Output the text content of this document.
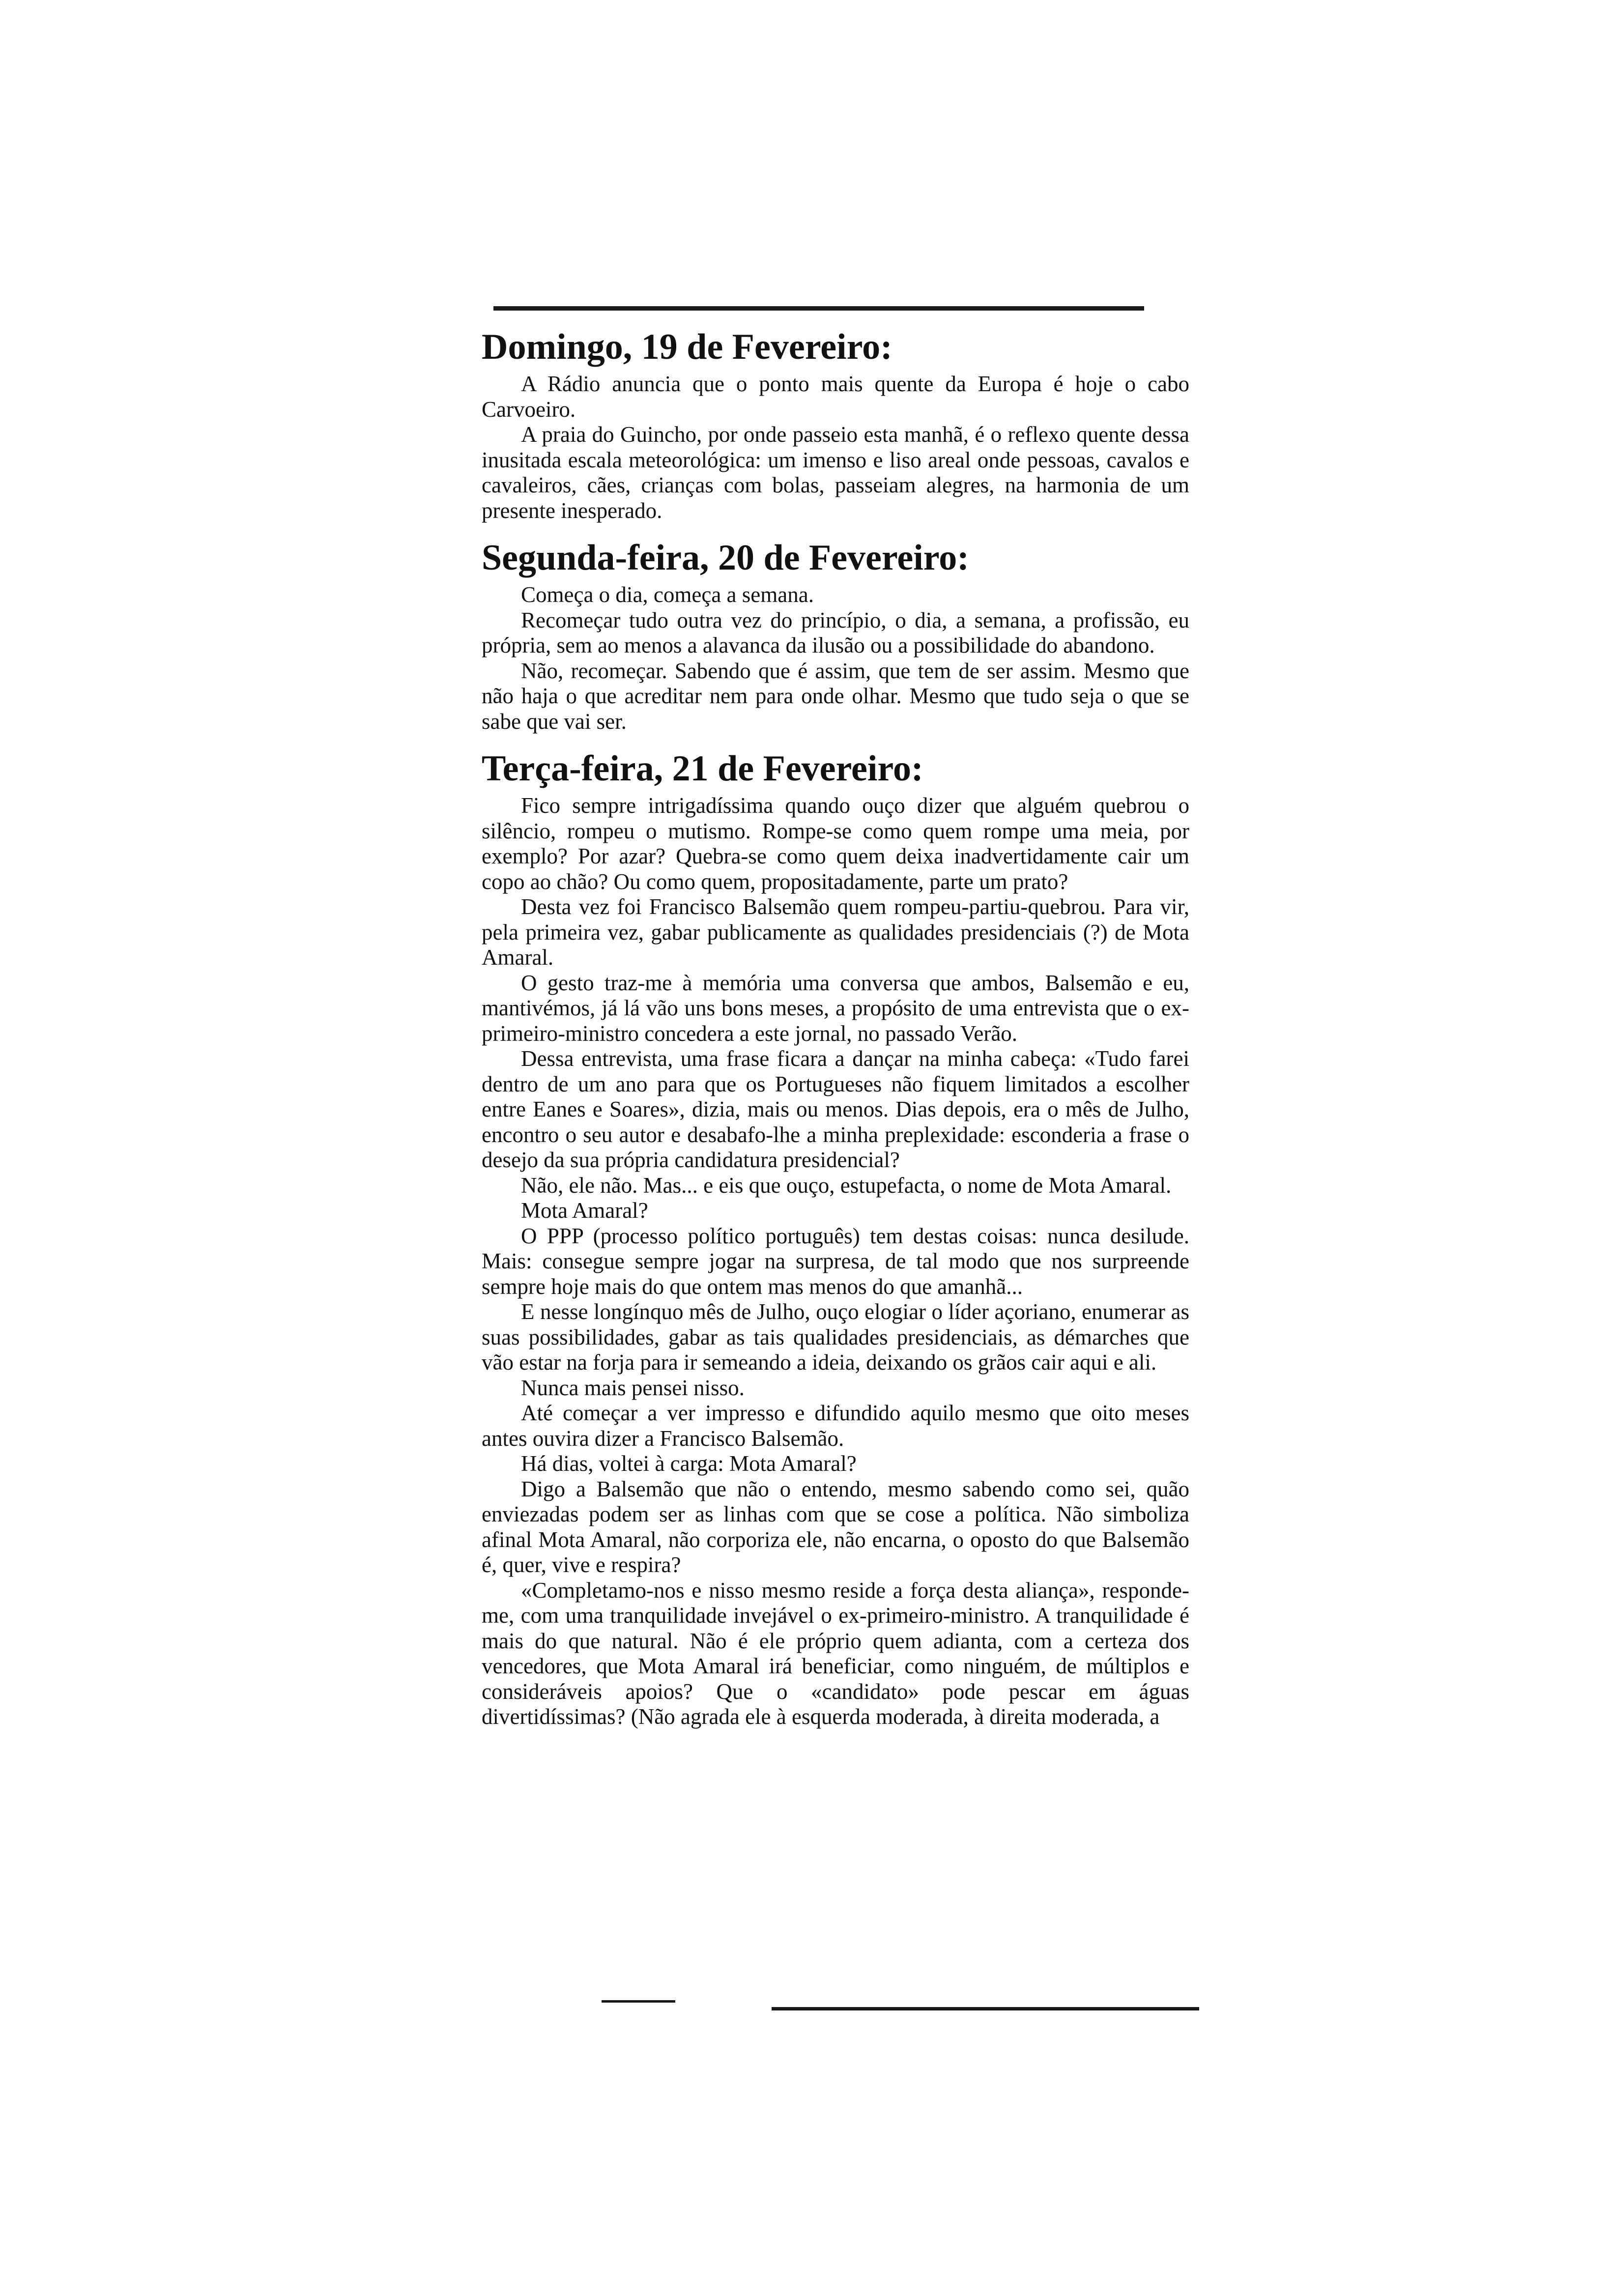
Domingo, 19 de Fevereiro:

A Rádio anuncia que o ponto mais quente da Europa é hoje o cabo Carvoeiro.

A praia do Guincho, por onde passeio esta manhã, é o reflexo quente dessa inusitada escala meteorológica: um imenso e liso areal onde pessoas, cavalos e cavaleiros, cães, crianças com bolas, passeiam alegres, na harmonia de um presente inesperado.

Segunda-feira, 20 de Fevereiro:

Começa o dia, começa a semana.

Recomeçar tudo outra vez do princípio, o dia, a semana, a profissão, eu própria, sem ao menos a alavanca da ilusão ou a possibilidade do abandono.

Não, recomeçar. Sabendo que é assim, que tem de ser assim. Mesmo que não haja o que acreditar nem para onde olhar. Mesmo que tudo seja o que se sabe que vai ser.

Terça-feira, 21 de Fevereiro:

Fico sempre intrigadíssima quando ouço dizer que alguém quebrou o silêncio, rompeu o mutismo. Rompe-se como quem rompe uma meia, por exemplo? Por azar? Quebra-se como quem deixa inadvertidamente cair um copo ao chão? Ou como quem, propositadamente, parte um prato?

Desta vez foi Francisco Balsemão quem rompeu-partiu-quebrou. Para vir, pela primeira vez, gabar publicamente as qualidades presidenciais (?) de Mota Amaral.

O gesto traz-me à memória uma conversa que ambos, Balsemão e eu, mantivémos, já lá vão uns bons meses, a propósito de uma entrevista que o ex-primeiro-ministro concedera a este jornal, no passado Verão.

Dessa entrevista, uma frase ficara a dançar na minha cabeça: «Tudo farei dentro de um ano para que os Portugueses não fiquem limitados a escolher entre Eanes e Soares», dizia, mais ou menos. Dias depois, era o mês de Julho, encontro o seu autor e desabafo-lhe a minha preplexidade: esconderia a frase o desejo da sua própria candidatura presidencial?

Não, ele não. Mas... e eis que ouço, estupefacta, o nome de Mota Amaral.

Mota Amaral?

O PPP (processo político português) tem destas coisas: nunca desilude. Mais: consegue sempre jogar na surpresa, de tal modo que nos surpreende sempre hoje mais do que ontem mas menos do que amanhã...

E nesse longínquo mês de Julho, ouço elogiar o líder açoriano, enumerar as suas possibilidades, gabar as tais qualidades presidenciais, as démarches que vão estar na forja para ir semeando a ideia, deixando os grãos cair aqui e ali.

Nunca mais pensei nisso.

Até começar a ver impresso e difundido aquilo mesmo que oito meses antes ouvira dizer a Francisco Balsemão.

Há dias, voltei à carga: Mota Amaral?

Digo a Balsemão que não o entendo, mesmo sabendo como sei, quão enviezadas podem ser as linhas com que se cose a política. Não simboliza afinal Mota Amaral, não corporiza ele, não encarna, o oposto do que Balsemão é, quer, vive e respira?

«Completamo-nos e nisso mesmo reside a força desta aliança», responde-me, com uma tranquilidade invejável o ex-primeiro-ministro. A tranquilidade é mais do que natural. Não é ele próprio quem adianta, com a certeza dos vencedores, que Mota Amaral irá beneficiar, como ninguém, de múltiplos e consideráveis apoios? Que o «candidato» pode pescar em águas divertidíssimas? (Não agrada ele à esquerda moderada, à direita moderada, a
